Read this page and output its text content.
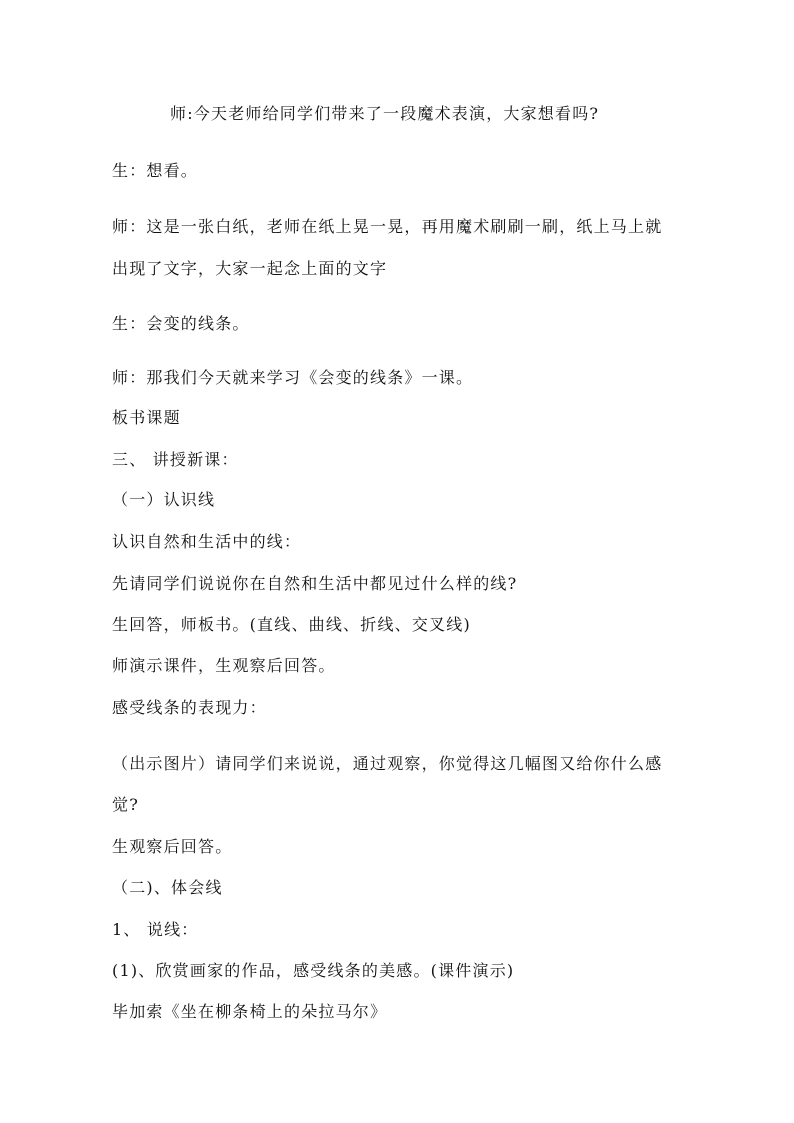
师:今天老师给同学们带来了一段魔术表演，大家想看吗?
生：想看。
师：这是一张白纸，老师在纸上晃一晃，再用魔术刷刷一刷，纸上马上就
出现了文字，大家一起念上面的文字
生：会变的线条。
师：那我们今天就来学习《会变的线条》一课。
板书课题
三、 讲授新课：
（一）认识线
认识自然和生活中的线：
先请同学们说说你在自然和生活中都见过什么样的线?
生回答，师板书。(直线、曲线、折线、交叉线)
师演示课件，生观察后回答。
感受线条的表现力：
（出示图片）请同学们来说说，通过观察，你觉得这几幅图又给你什么感
觉?
生观察后回答。
（二)、体会线
1、 说线：
(1)、欣赏画家的作品，感受线条的美感。(课件演示)
毕加索《坐在柳条椅上的朵拉马尔》
